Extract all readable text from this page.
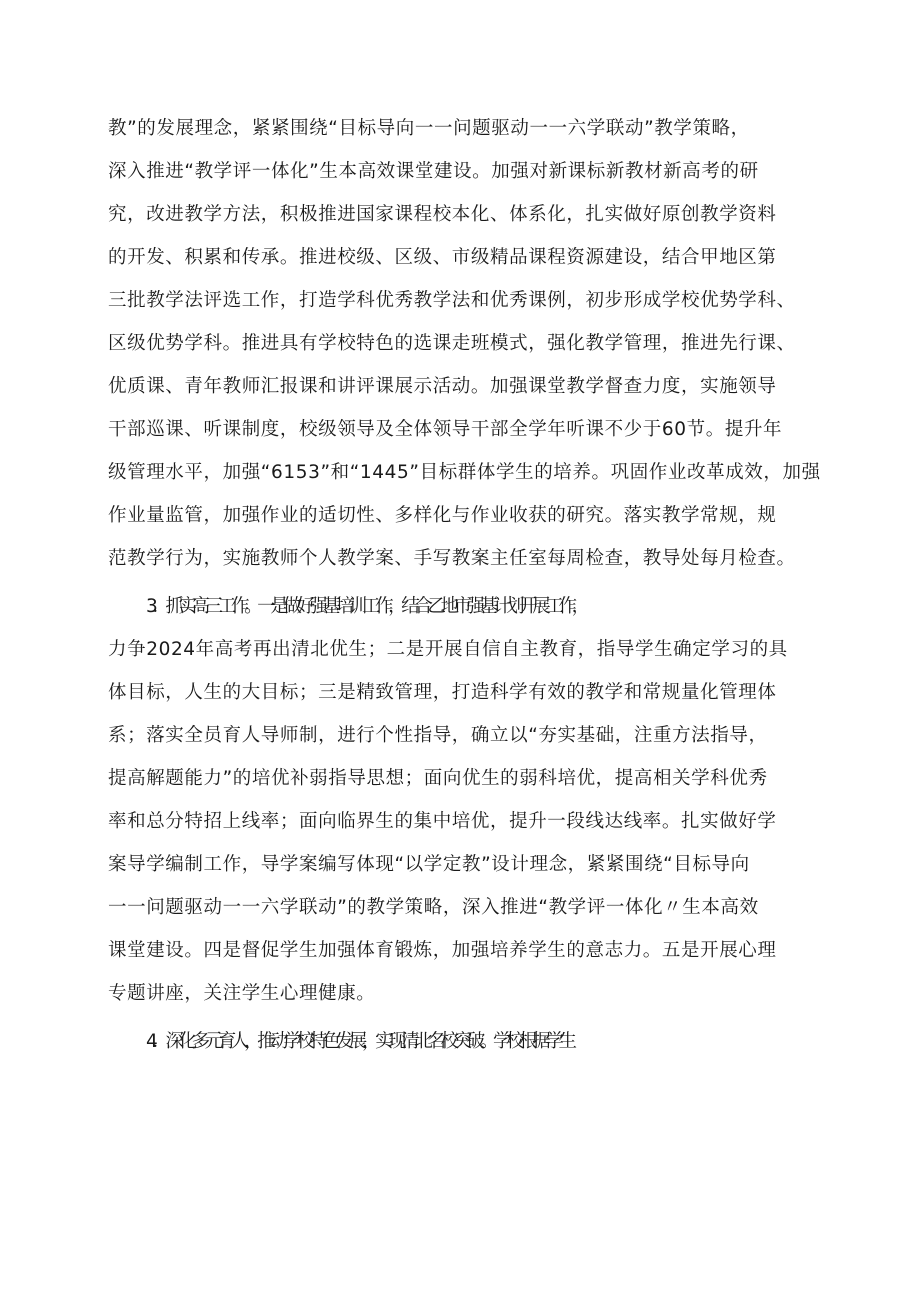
教”的发展理念，紧紧围绕“目标导向一一问题驱动一一六学联动”教学策略，
深入推进“教学评一体化”生本高效课堂建设。加强对新课标新教材新高考的研
究，改进教学方法，积极推进国家课程校本化、体系化，扎实做好原创教学资料
的开发、积累和传承。推进校级、区级、市级精品课程资源建设，结合甲地区第
三批教学法评选工作，打造学科优秀教学法和优秀课例，初步形成学校优势学科、
区级优势学科。推进具有学校特色的选课走班模式，强化教学管理，推进先行课、
优质课、青年教师汇报课和讲评课展示活动。加强课堂教学督查力度，实施领导
干部巡课、听课制度，校级领导及全体领导干部全学年听课不少于60节。提升年
级管理水平，加强“6153”和“1445”目标群体学生的培养。巩固作业改革成效，加强
作业量监管，加强作业的适切性、多样化与作业收获的研究。落实教学常规，规
范教学行为，实施教师个人教学案、手写教案主任室每周检查，教导处每月检查。
3．抓实高三工作。一是做好强基培训工作，结合乙地市强基计划开展工作，
力争2024年高考再出清北优生；二是开展自信自主教育，指导学生确定学习的具
体目标，人生的大目标；三是精致管理，打造科学有效的教学和常规量化管理体
系；落实全员育人导师制，进行个性指导，确立以“夯实基础，注重方法指导，
提高解题能力”的培优补弱指导思想；面向优生的弱科培优，提高相关学科优秀
率和总分特招上线率；面向临界生的集中培优，提升一段线达线率。扎实做好学
案导学编制工作，导学案编写体现“以学定教”设计理念，紧紧围绕“目标导向
一一问题驱动一一六学联动”的教学策略，深入推进“教学评一体化〃生本高效
课堂建设。四是督促学生加强体育锻炼，加强培养学生的意志力。五是开展心理
专题讲座，关注学生心理健康。
4．深化多元育人，推动学校特色发展，实现清北名校突破。学校根据学生
